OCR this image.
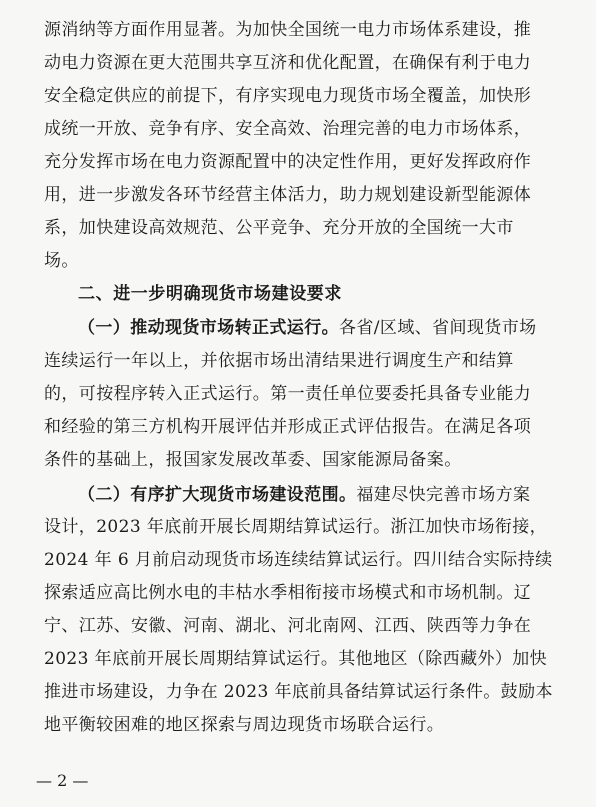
源消纳等方面作用显著。为加快全国统一电力市场体系建设，推
动电力资源在更大范围共享互济和优化配置，在确保有利于电力
安全稳定供应的前提下，有序实现电力现货市场全覆盖，加快形
成统一开放、竞争有序、安全高效、治理完善的电力市场体系，
充分发挥市场在电力资源配置中的决定性作用，更好发挥政府作
用，进一步激发各环节经营主体活力，助力规划建设新型能源体
系，加快建设高效规范、公平竞争、充分开放的全国统一大市
场。
二、进一步明确现货市场建设要求
（一）推动现货市场转正式运行。各省/区域、省间现货市场
连续运行一年以上，并依据市场出清结果进行调度生产和结算
的，可按程序转入正式运行。第一责任单位要委托具备专业能力
和经验的第三方机构开展评估并形成正式评估报告。在满足各项
条件的基础上，报国家发展改革委、国家能源局备案。
（二）有序扩大现货市场建设范围。福建尽快完善市场方案
设计，2023 年底前开展长周期结算试运行。浙江加快市场衔接，
2024 年 6 月前启动现货市场连续结算试运行。四川结合实际持续
探索适应高比例水电的丰枯水季相衔接市场模式和市场机制。辽
宁、江苏、安徽、河南、湖北、河北南网、江西、陕西等力争在
2023 年底前开展长周期结算试运行。其他地区（除西藏外）加快
推进市场建设，力争在 2023 年底前具备结算试运行条件。鼓励本
地平衡较困难的地区探索与周边现货市场联合运行。
— 2 —
